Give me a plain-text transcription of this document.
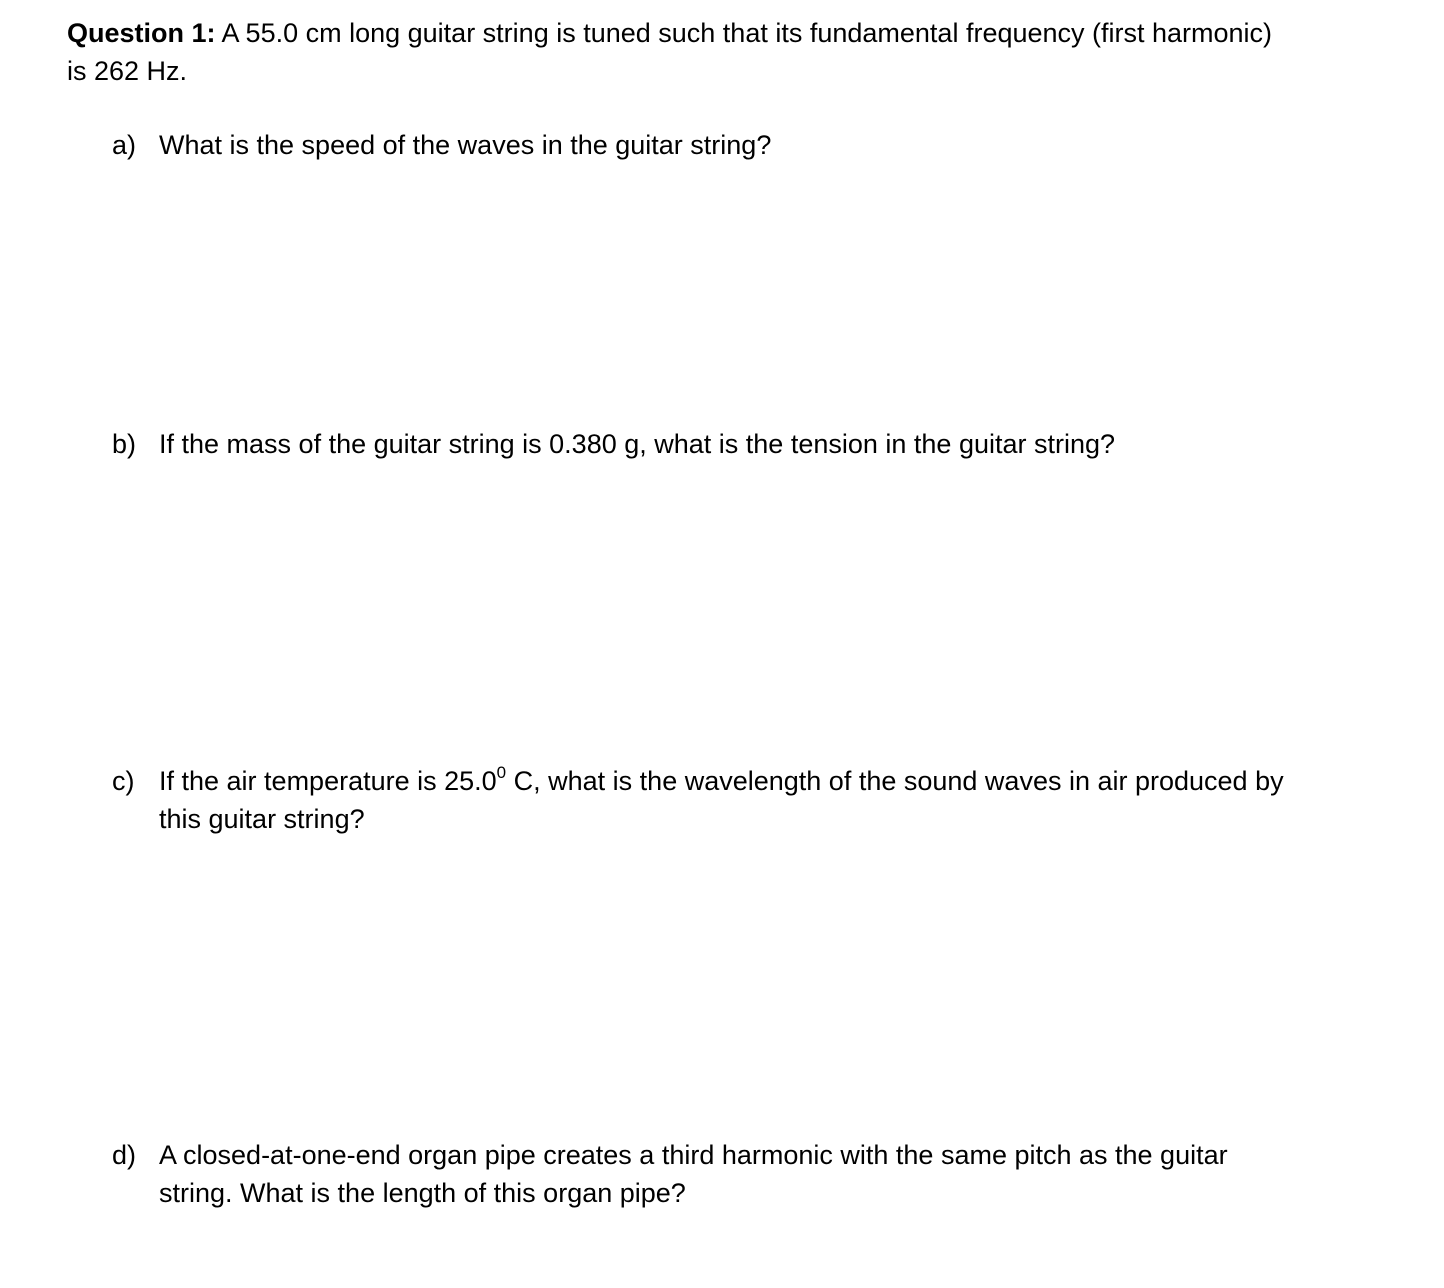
Question 1: A 55.0 cm long guitar string is tuned such that its fundamental frequency (first harmonic)
is 262 Hz.
a) What is the speed of the waves in the guitar string?
b) If the mass of the guitar string is 0.380 g, what is the tension in the guitar string?
c) If the air temperature is 25.0$^0$ C, what is the wavelength of the sound waves in air produced by
this guitar string?
d) A closed-at-one-end organ pipe creates a third harmonic with the same pitch as the guitar
string. What is the length of this organ pipe?
